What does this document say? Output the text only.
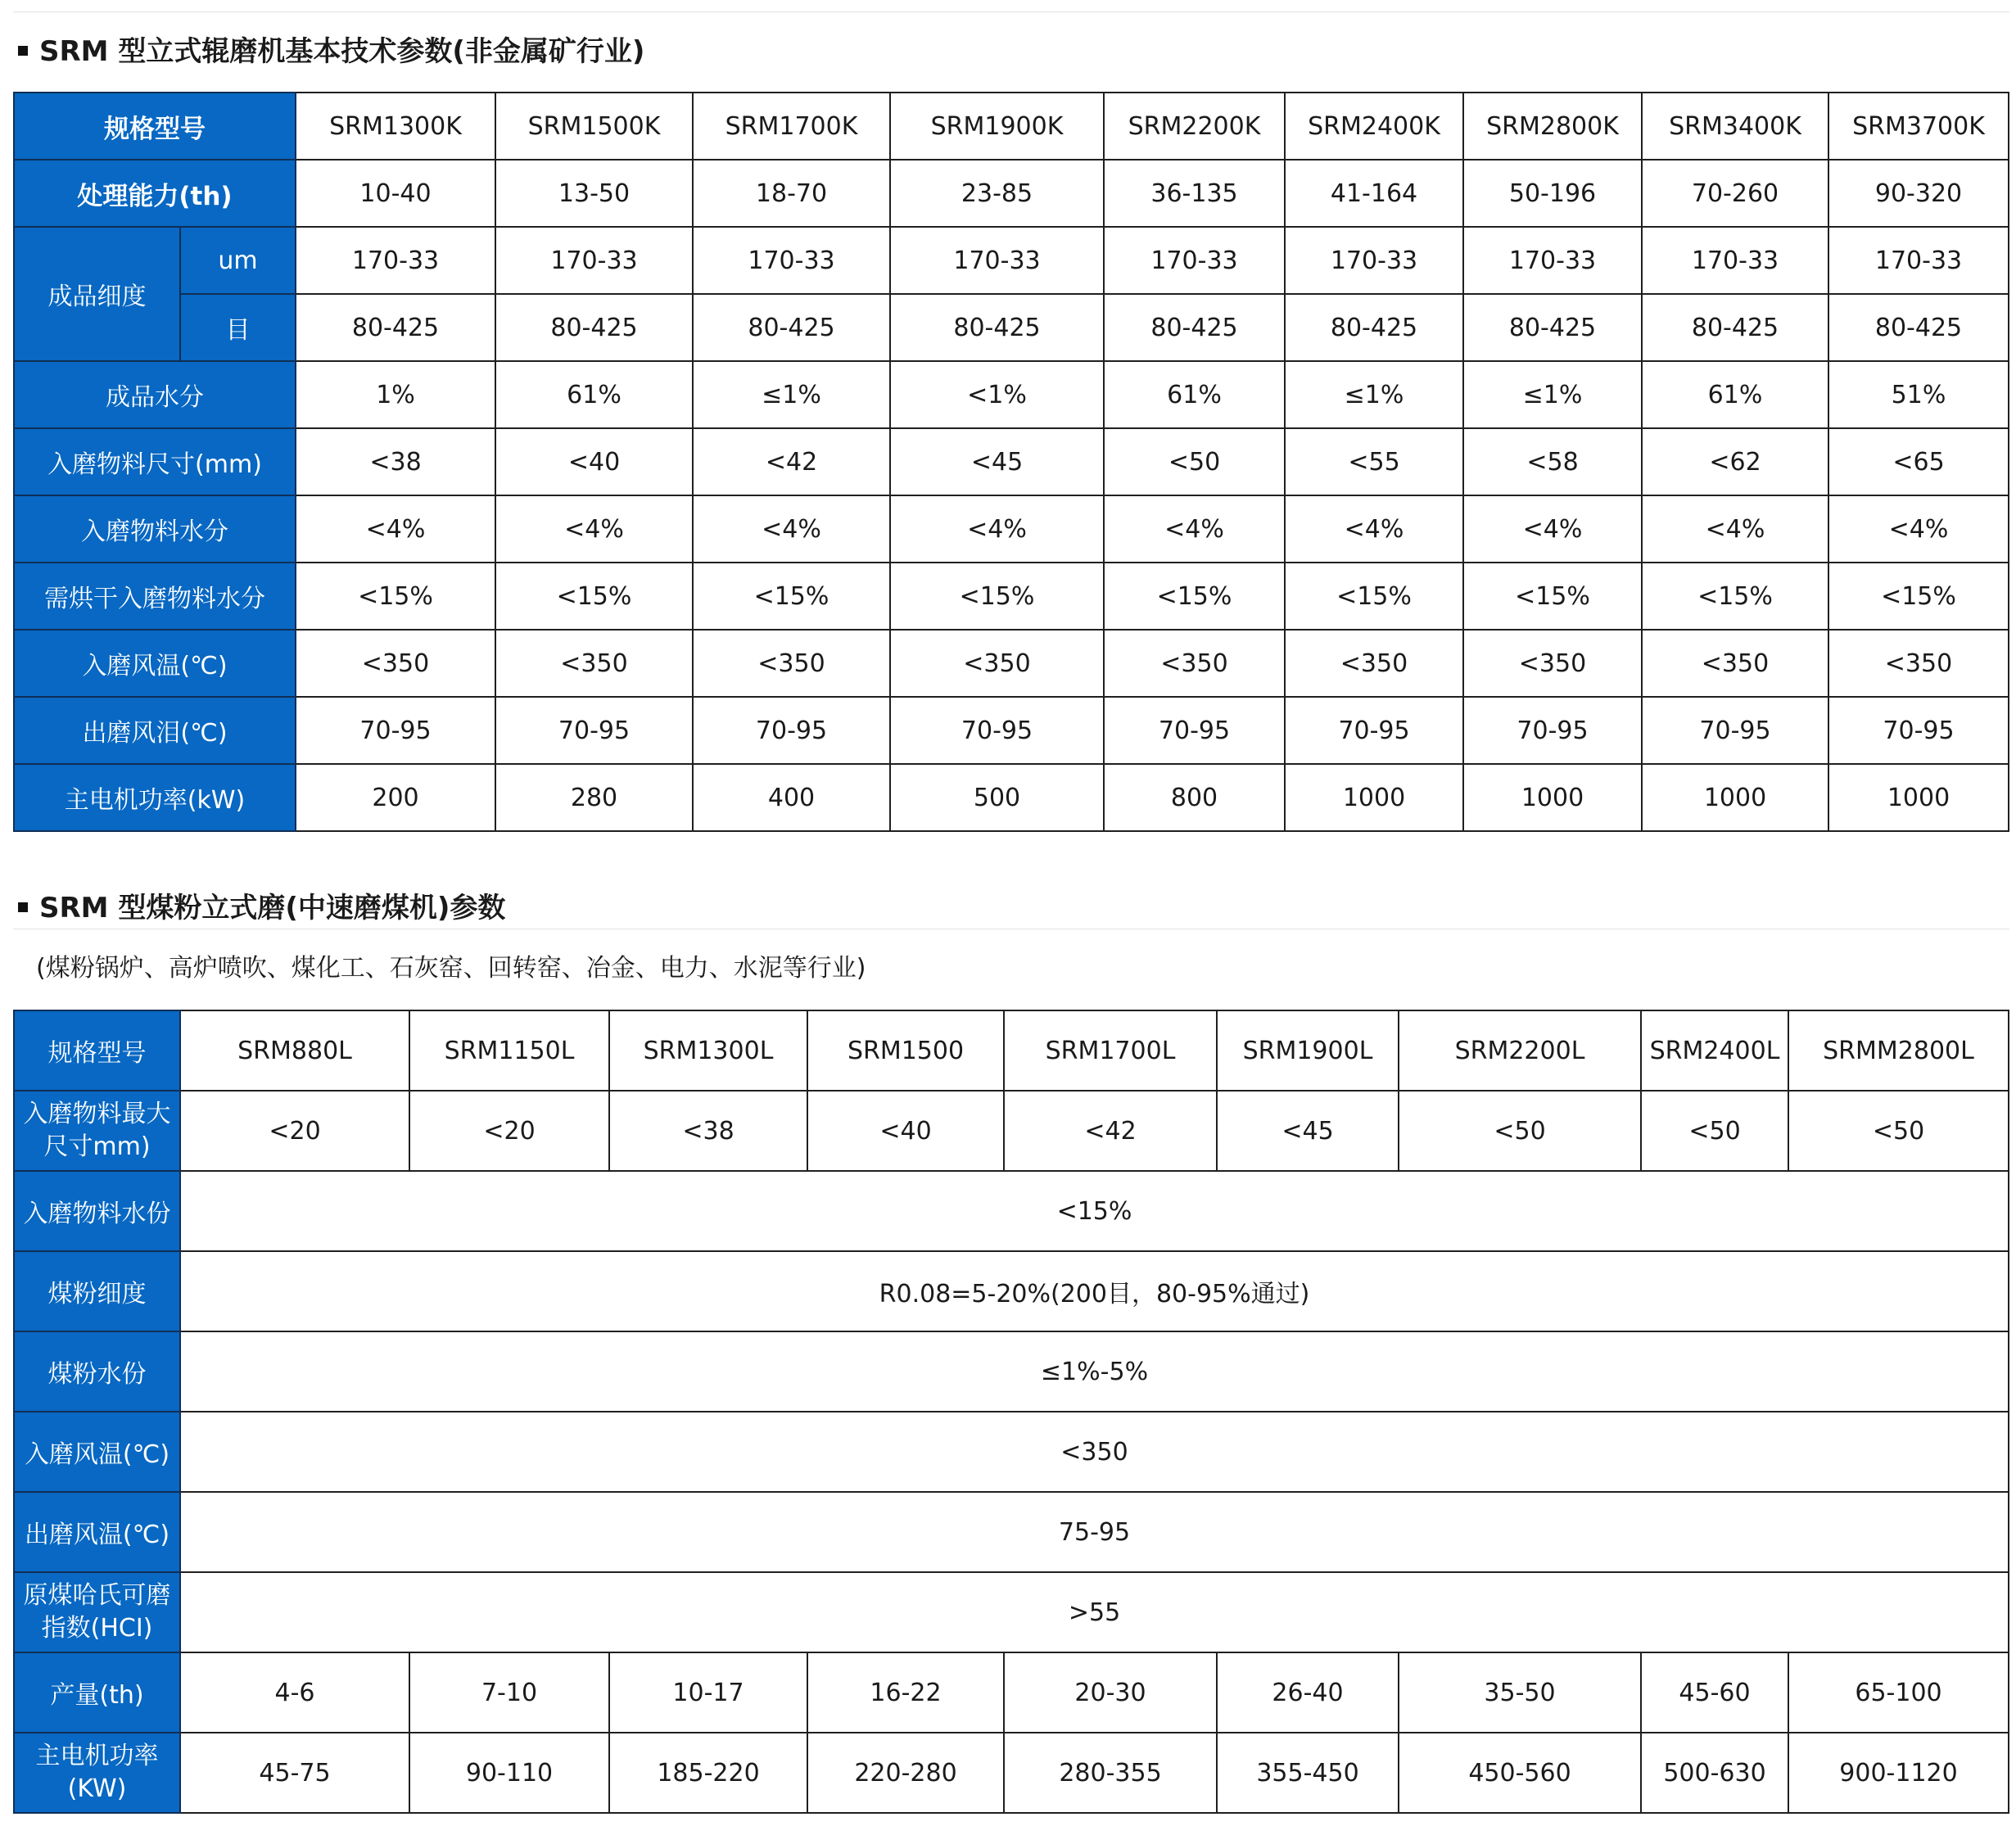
SRM 型立式辊磨机基本技术参数(非金属矿行业)
规格型号		SRM1300K	SRM1500K	SRM1700K	SRM1900K	SRM2200K	SRM2400K	SRM2800K	SRM3400K	SRM3700K
处理能力(th)		10-40	13-50	18-70	23-85	36-135	41-164	50-196	70-260	90-320
成品细度	um	170-33	170-33	170-33	170-33	170-33	170-33	170-33	170-33	170-33
	目	80-425	80-425	80-425	80-425	80-425	80-425	80-425	80-425	80-425
成品水分		1%	61%	≤1%	<1%	61%	≤1%	≤1%	61%	51%
入磨物料尺寸(mm)		<38	<40	<42	<45	<50	<55	<58	<62	<65
入磨物料水分		<4%	<4%	<4%	<4%	<4%	<4%	<4%	<4%	<4%
需烘干入磨物料水分		<15%	<15%	<15%	<15%	<15%	<15%	<15%	<15%	<15%
入磨风温(℃)		<350	<350	<350	<350	<350	<350	<350	<350	<350
出磨风泪(℃)		70-95	70-95	70-95	70-95	70-95	70-95	70-95	70-95	70-95
主电机功率(kW)		200	280	400	500	800	1000	1000	1000	1000
SRM 型煤粉立式磨(中速磨煤机)参数
(煤粉锅炉、高炉喷吹、煤化工、石灰窑、回转窑、冶金、电力、水泥等行业)
规格型号	SRM880L	SRM1150L	SRM1300L	SRM1500	SRM1700L	SRM1900L	SRM2200L	SRM2400L	SRMM2800L
入磨物料最大
尺寸mm)	<20	<20	<38	<40	<42	<45	<50	<50	<50
入磨物料水份	<15%								
煤粉细度	R0.08=5-20%(200目，80-95%通过)								
煤粉水份	≤1%-5%								
入磨风温(℃)	<350								
出磨风温(℃)	75-95								
原煤哈氏可磨
指数(HCI)	>55								
产量(th)	4-6	7-10	10-17	16-22	20-30	26-40	35-50	45-60	65-100
主电机功率
(KW)	45-75	90-110	185-220	220-280	280-355	355-450	450-560	500-630	900-1120
